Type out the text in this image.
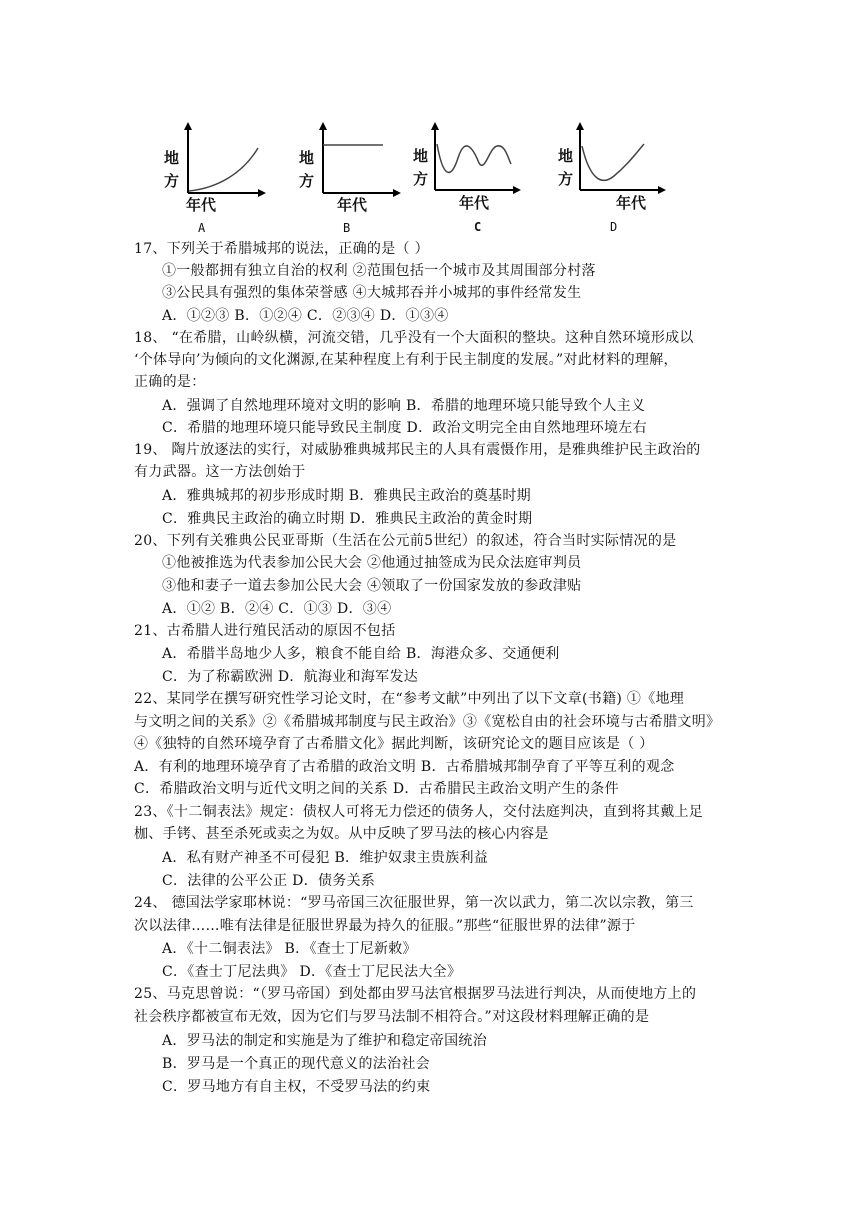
地
方
年代
A
地
方
年代
B
地
方
年代
C
地
方
年代
D
17、下列关于希腊城邦的说法，正确的是（ ）
①一般都拥有独立自治的权利 ②范围包括一个城市及其周围部分村落
③公民具有强烈的集体荣誉感 ④大城邦吞并小城邦的事件经常发生
A．①②③ B．①②④ C．②③④ D．①③④
18、 “在希腊，山岭纵横，河流交错，几乎没有一个大面积的整块。这种自然环境形成以
‘个体导向’为倾向的文化渊源,在某种程度上有利于民主制度的发展。”对此材料的理解，
正确的是：
A．强调了自然地理环境对文明的影响 B．希腊的地理环境只能导致个人主义
C．希腊的地理环境只能导致民主制度 D．政治文明完全由自然地理环境左右
19、 陶片放逐法的实行，对威胁雅典城邦民主的人具有震慑作用，是雅典维护民主政治的
有力武器。这一方法创始于
A．雅典城邦的初步形成时期 B．雅典民主政治的奠基时期
C．雅典民主政治的确立时期 D．雅典民主政治的黄金时期
20、下列有关雅典公民亚哥斯（生活在公元前5世纪）的叙述，符合当时实际情况的是
①他被推选为代表参加公民大会 ②他通过抽签成为民众法庭审判员
③他和妻子一道去参加公民大会 ④领取了一份国家发放的参政津贴
A．①② B．②④ C．①③ D．③④
21、古希腊人进行殖民活动的原因不包括
A．希腊半岛地少人多，粮食不能自给 B．海港众多、交通便利
C．为了称霸欧洲 D．航海业和海军发达
22、某同学在撰写研究性学习论文时，在“参考文献”中列出了以下文章(书籍) ①《地理
与文明之间的关系》②《希腊城邦制度与民主政治》③《宽松自由的社会环境与古希腊文明》
④《独特的自然环境孕育了古希腊文化》据此判断，该研究论文的题目应该是（ ）
A．有利的地理环境孕育了古希腊的政治文明 B．古希腊城邦制孕育了平等互利的观念
C．希腊政治文明与近代文明之间的关系 D．古希腊民主政治文明产生的条件
23、《十二铜表法》规定：债权人可将无力偿还的债务人，交付法庭判决，直到将其戴上足
枷、手铐、甚至杀死或卖之为奴。从中反映了罗马法的核心内容是
A．私有财产神圣不可侵犯 B．维护奴隶主贵族利益
C．法律的公平公正 D．债务关系
24、 德国法学家耶林说：“罗马帝国三次征服世界，第一次以武力，第二次以宗教，第三
次以法律……唯有法律是征服世界最为持久的征服。”那些“征服世界的法律”源于
A．《十二铜表法》 B．《查士丁尼新敕》
C．《查士丁尼法典》 D．《查士丁尼民法大全》
25、马克思曾说：“（罗马帝国）到处都由罗马法官根据罗马法进行判决，从而使地方上的
社会秩序都被宣布无效，因为它们与罗马法制不相符合。”对这段材料理解正确的是
A．罗马法的制定和实施是为了维护和稳定帝国统治
B．罗马是一个真正的现代意义的法治社会
C．罗马地方有自主权，不受罗马法的约束
